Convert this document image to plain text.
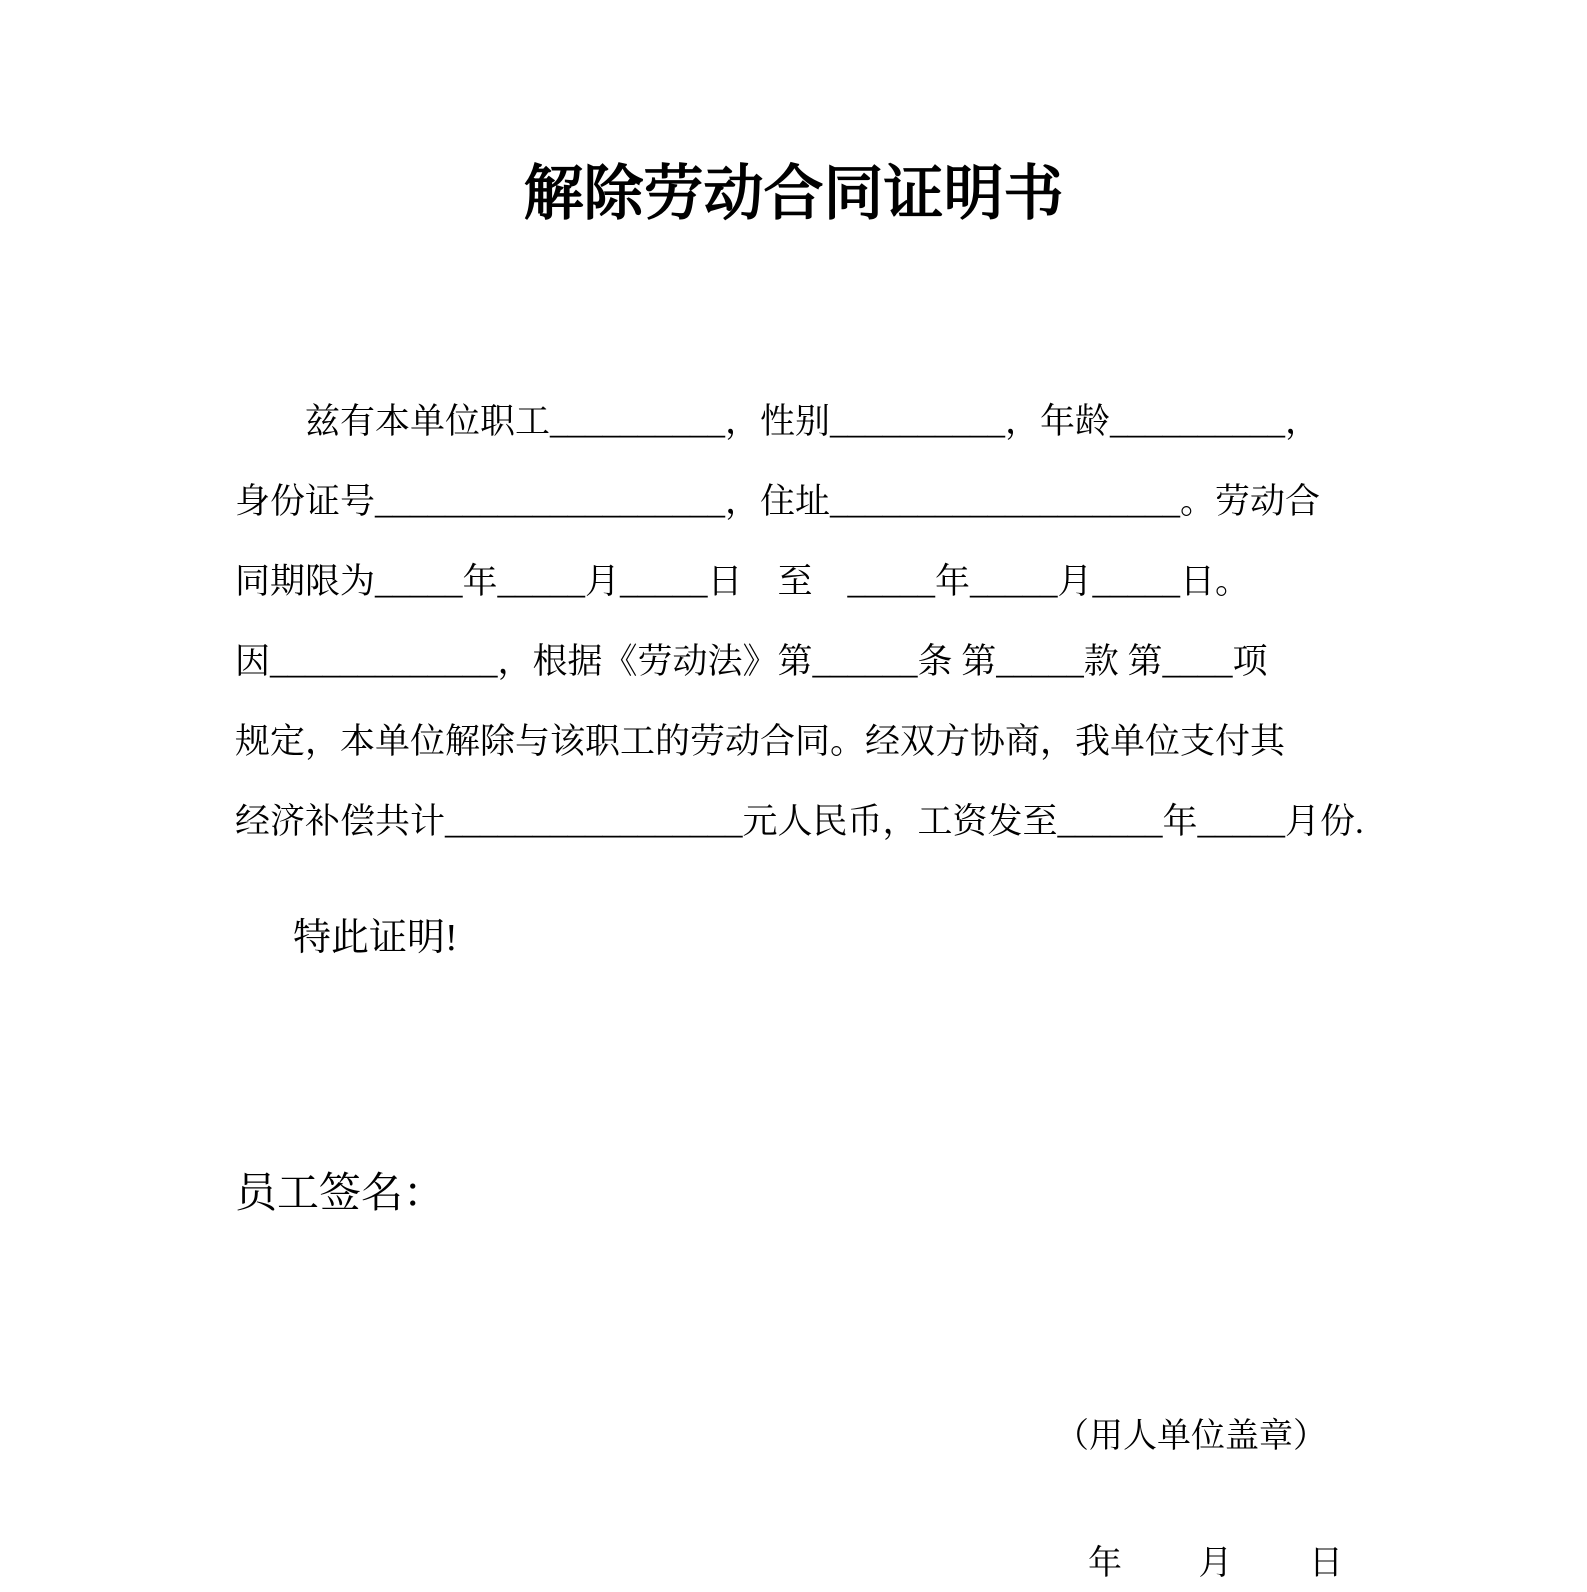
解除劳动合同证明书
　　兹有本单位职工__________，性别__________，年龄__________，
身份证号____________________，住址____________________。劳动合
同期限为_____年_____月_____日　至　_____年_____月_____日。
因_____________，根据《劳动法》第______条 第_____款 第____项
规定，本单位解除与该职工的劳动合同。经双方协商，我单位支付其
经济补偿共计_________________元人民币，工资发至______年_____月份.
特此证明!
员工签名：
（用人单位盖章）
年 月 日
